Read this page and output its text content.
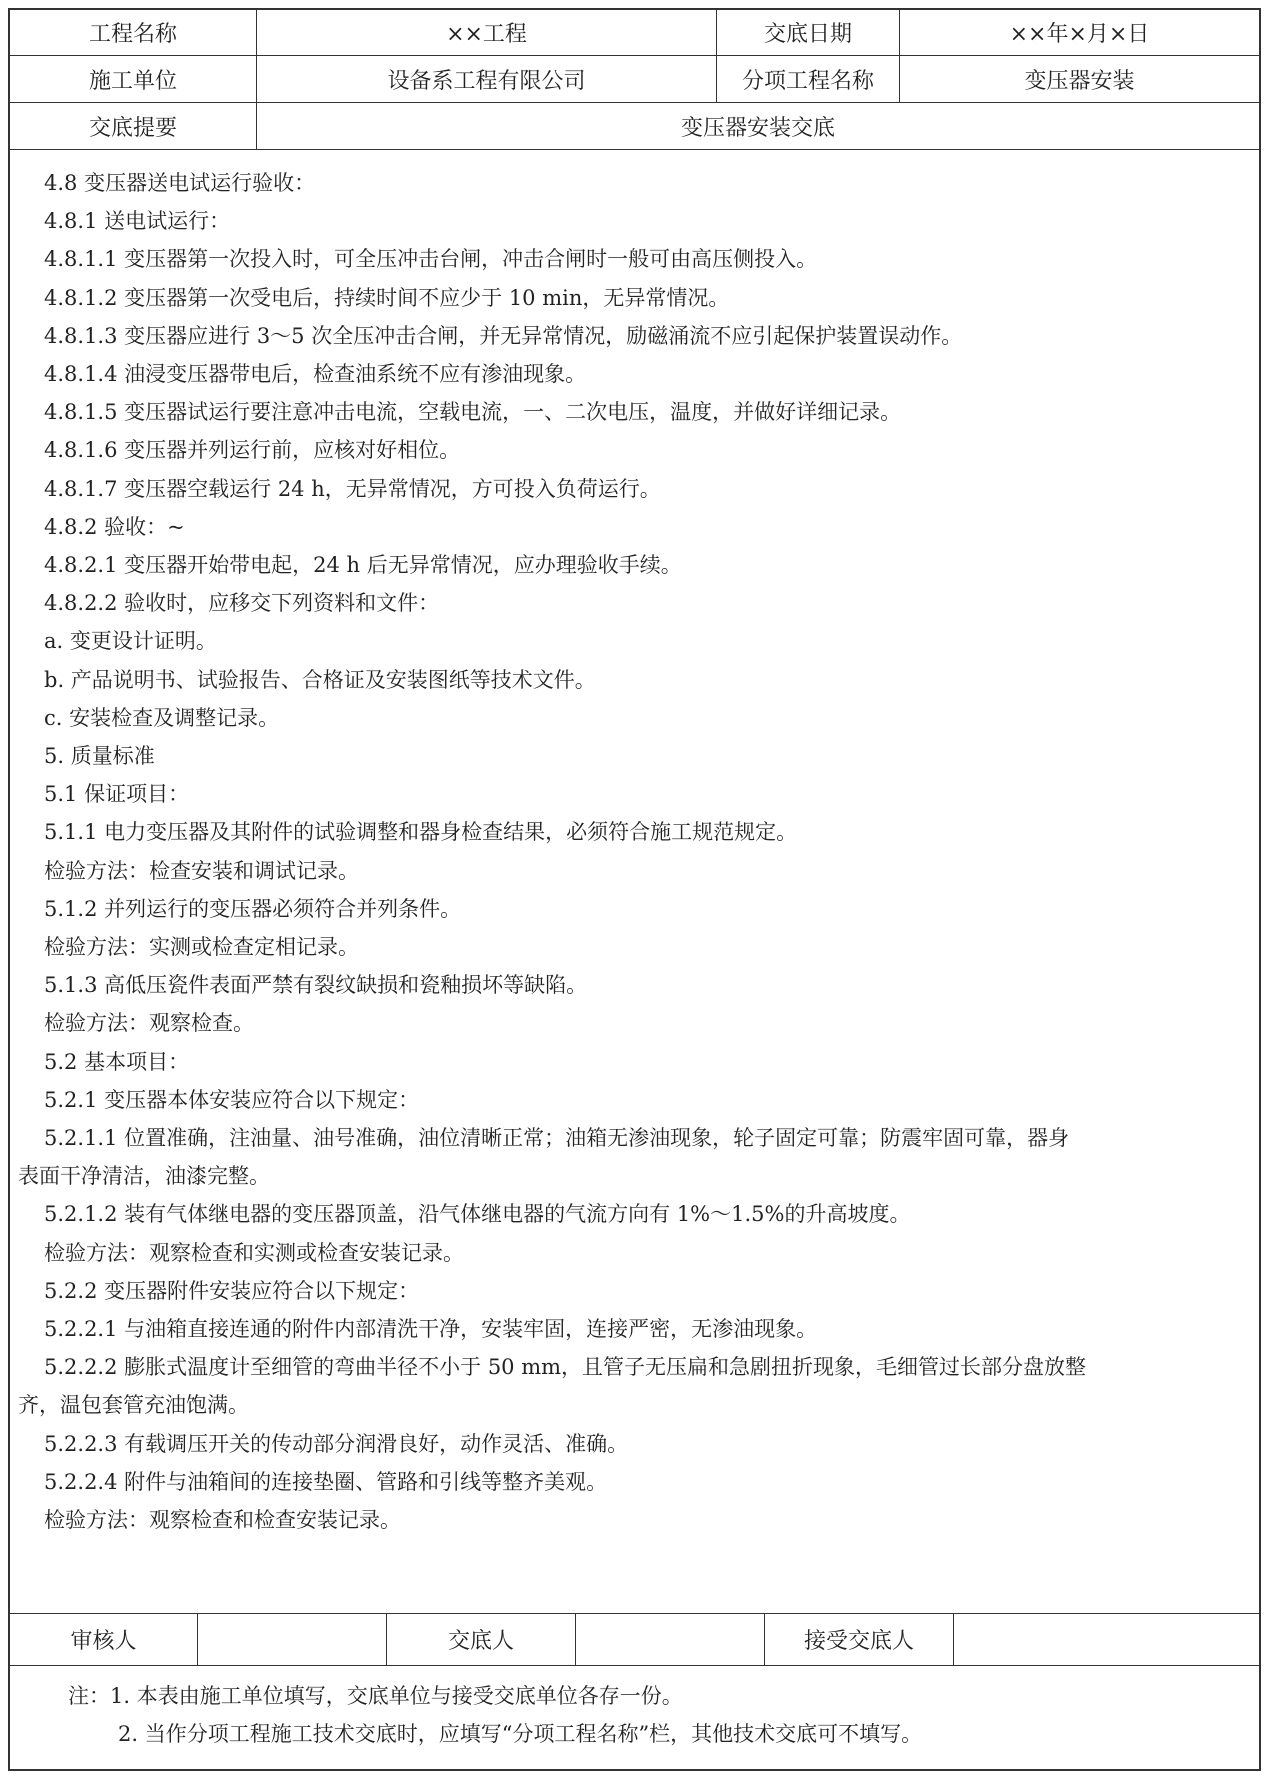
工程名称	××工程	交底日期	××年×月×日
施工单位	设备系工程有限公司	分项工程名称	变压器安装
交底提要	变压器安装交底
4.8 变压器送电试运行验收：
4.8.1 送电试运行：
4.8.1.1 变压器第一次投入时，可全压冲击台闸，冲击合闸时一般可由高压侧投入。
4.8.1.2 变压器第一次受电后，持续时间不应少于 10 min，无异常情况。
4.8.1.3 变压器应进行 3～5 次全压冲击合闸，并无异常情况，励磁涌流不应引起保护装置误动作。
4.8.1.4 油浸变压器带电后，检查油系统不应有渗油现象。
4.8.1.5 变压器试运行要注意冲击电流，空载电流，一、二次电压，温度，并做好详细记录。
4.8.1.6 变压器并列运行前，应核对好相位。
4.8.1.7 变压器空载运行 24 h，无异常情况，方可投入负荷运行。
4.8.2 验收：~
4.8.2.1 变压器开始带电起，24 h 后无异常情况，应办理验收手续。
4.8.2.2 验收时，应移交下列资料和文件：
a. 变更设计证明。
b. 产品说明书、试验报告、合格证及安装图纸等技术文件。
c. 安装检查及调整记录。
5. 质量标准
5.1 保证项目：
5.1.1 电力变压器及其附件的试验调整和器身检查结果，必须符合施工规范规定。
检验方法：检查安装和调试记录。
5.1.2 并列运行的变压器必须符合并列条件。
检验方法：实测或检查定相记录。
5.1.3 高低压瓷件表面严禁有裂纹缺损和瓷釉损坏等缺陷。
检验方法：观察检查。
5.2 基本项目：
5.2.1 变压器本体安装应符合以下规定：
5.2.1.1 位置准确，注油量、油号准确，油位清晰正常；油箱无渗油现象，轮子固定可靠；防震牢固可靠，器身
表面干净清洁，油漆完整。
5.2.1.2 装有气体继电器的变压器顶盖，沿气体继电器的气流方向有 1%～1.5%的升高坡度。
检验方法：观察检查和实测或检查安装记录。
5.2.2 变压器附件安装应符合以下规定：
5.2.2.1 与油箱直接连通的附件内部清洗干净，安装牢固，连接严密，无渗油现象。
5.2.2.2 膨胀式温度计至细管的弯曲半径不小于 50 mm，且管子无压扁和急剧扭折现象，毛细管过长部分盘放整
齐，温包套管充油饱满。
5.2.2.3 有载调压开关的传动部分润滑良好，动作灵活、准确。
5.2.2.4 附件与油箱间的连接垫圈、管路和引线等整齐美观。
检验方法：观察检查和检查安装记录。
审核人	交底人	接受交底人
注：1. 本表由施工单位填写，交底单位与接受交底单位各存一份。
2. 当作分项工程施工技术交底时，应填写“分项工程名称”栏，其他技术交底可不填写。
